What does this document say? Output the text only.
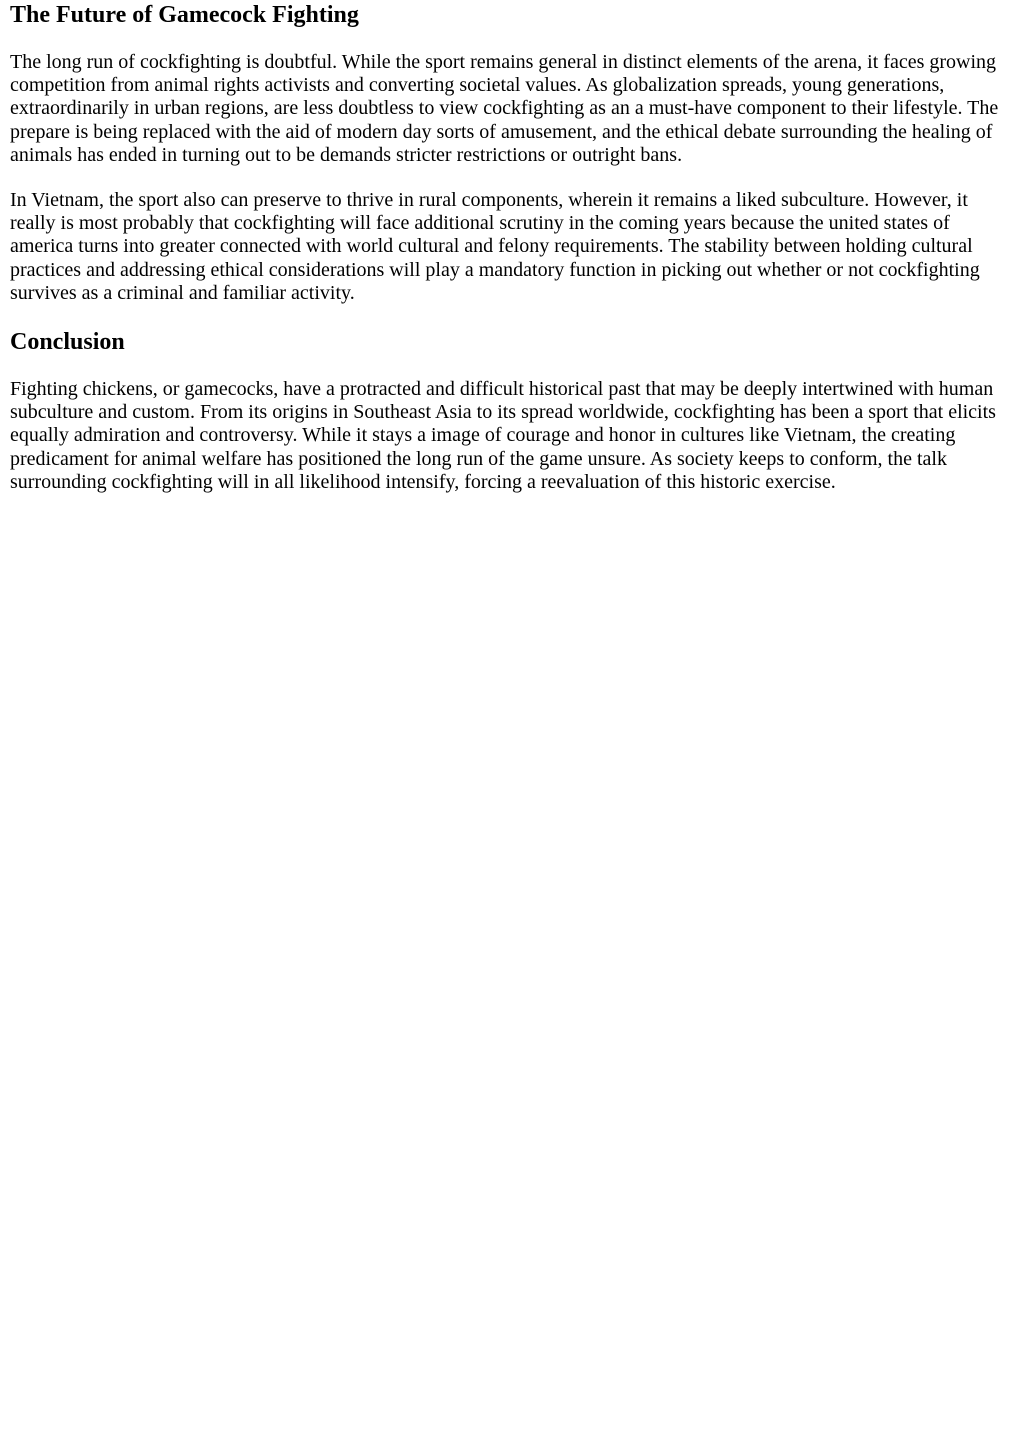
The Future of Gamecock Fighting

The long run of cockfighting is doubtful. While the sport remains general in distinct elements of the arena, it faces growing competition from animal rights activists and converting societal values. As globalization spreads, young generations, extraordinarily in urban regions, are less doubtless to view cockfighting as an a must-have component to their lifestyle. The prepare is being replaced with the aid of modern day sorts of amusement, and the ethical debate surrounding the healing of animals has ended in turning out to be demands stricter restrictions or outright bans.

In Vietnam, the sport also can preserve to thrive in rural components, wherein it remains a liked subculture. However, it really is most probably that cockfighting will face additional scrutiny in the coming years because the united states of america turns into greater connected with world cultural and felony requirements. The stability between holding cultural practices and addressing ethical considerations will play a mandatory function in picking out whether or not cockfighting survives as a criminal and familiar activity.

Conclusion

Fighting chickens, or gamecocks, have a protracted and difficult historical past that may be deeply intertwined with human subculture and custom. From its origins in Southeast Asia to its spread worldwide, cockfighting has been a sport that elicits equally admiration and controversy. While it stays a image of courage and honor in cultures like Vietnam, the creating predicament for animal welfare has positioned the long run of the game unsure. As society keeps to conform, the talk surrounding cockfighting will in all likelihood intensify, forcing a reevaluation of this historic exercise.
